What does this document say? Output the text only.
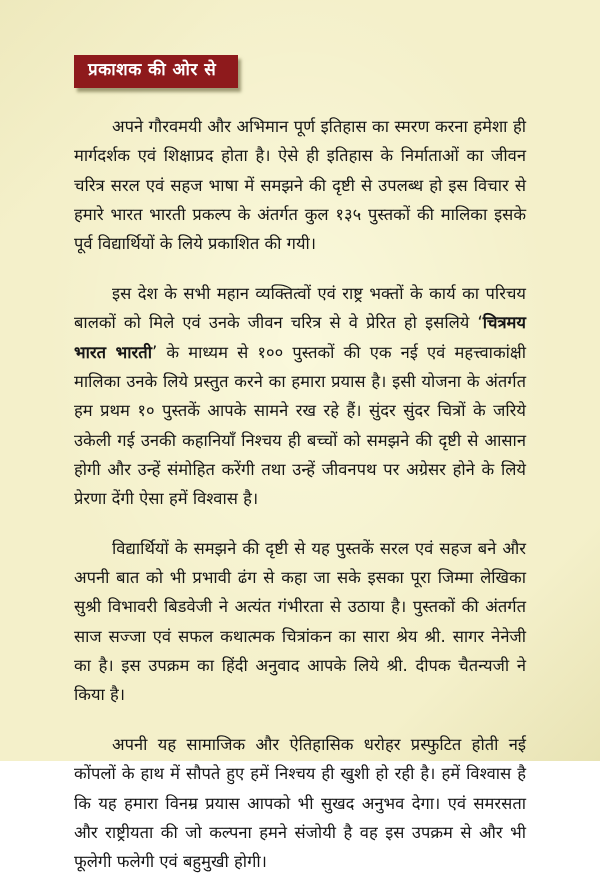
प्रकाशक की ओर से

अपने गौरवमयी और अभिमान पूर्ण इतिहास का स्मरण करना हमेशा ही मार्गदर्शक एवं शिक्षाप्रद होता है। ऐसे ही इतिहास के निर्माताओं का जीवन चरित्र सरल एवं सहज भाषा में समझने की दृष्टी से उपलब्ध हो इस विचार से हमारे भारत भारती प्रकल्प के अंतर्गत कुल १३५ पुस्तकों की मालिका इसके पूर्व विद्यार्थियों के लिये प्रकाशित की गयी।

इस देश के सभी महान व्यक्तित्वों एवं राष्ट्र भक्तों के कार्य का परिचय बालकों को मिले एवं उनके जीवन चरित्र से वे प्रेरित हो इसलिये ‘चित्रमय भारत भारती’ के माध्यम से १०० पुस्तकों की एक नई एवं महत्त्वाकांक्षी मालिका उनके लिये प्रस्तुत करने का हमारा प्रयास है। इसी योजना के अंतर्गत हम प्रथम १० पुस्तकें आपके सामने रख रहे हैं। सुंदर सुंदर चित्रों के जरिये उकेली गई उनकी कहानियाँ निश्चय ही बच्चों को समझने की दृष्टी से आसान होगी और उन्हें संमोहित करेंगी तथा उन्हें जीवनपथ पर अग्रेसर होने के लिये प्रेरणा देंगी ऐसा हमें विश्वास है।

विद्यार्थियों के समझने की दृष्टी से यह पुस्तकें सरल एवं सहज बने और अपनी बात को भी प्रभावी ढंग से कहा जा सके इसका पूरा जिम्मा लेखिका सुश्री विभावरी बिडवेजी ने अत्यंत गंभीरता से उठाया है। पुस्तकों की अंतर्गत साज सज्जा एवं सफल कथात्मक चित्रांकन का सारा श्रेय श्री. सागर नेनेजी का है। इस उपक्रम का हिंदी अनुवाद आपके लिये श्री. दीपक चैतन्यजी ने किया है।

अपनी यह सामाजिक और ऐतिहासिक धरोहर प्रस्फुटित होती नई कोंपलों के हाथ में सौपते हुए हमें निश्चय ही खुशी हो रही है। हमें विश्वास है कि यह हमारा विनम्र प्रयास आपको भी सुखद अनुभव देगा। एवं समरसता और राष्ट्रीयता की जो कल्पना हमने संजोयी है वह इस उपक्रम से और भी फूलेगी फलेगी एवं बहुमुखी होगी।
